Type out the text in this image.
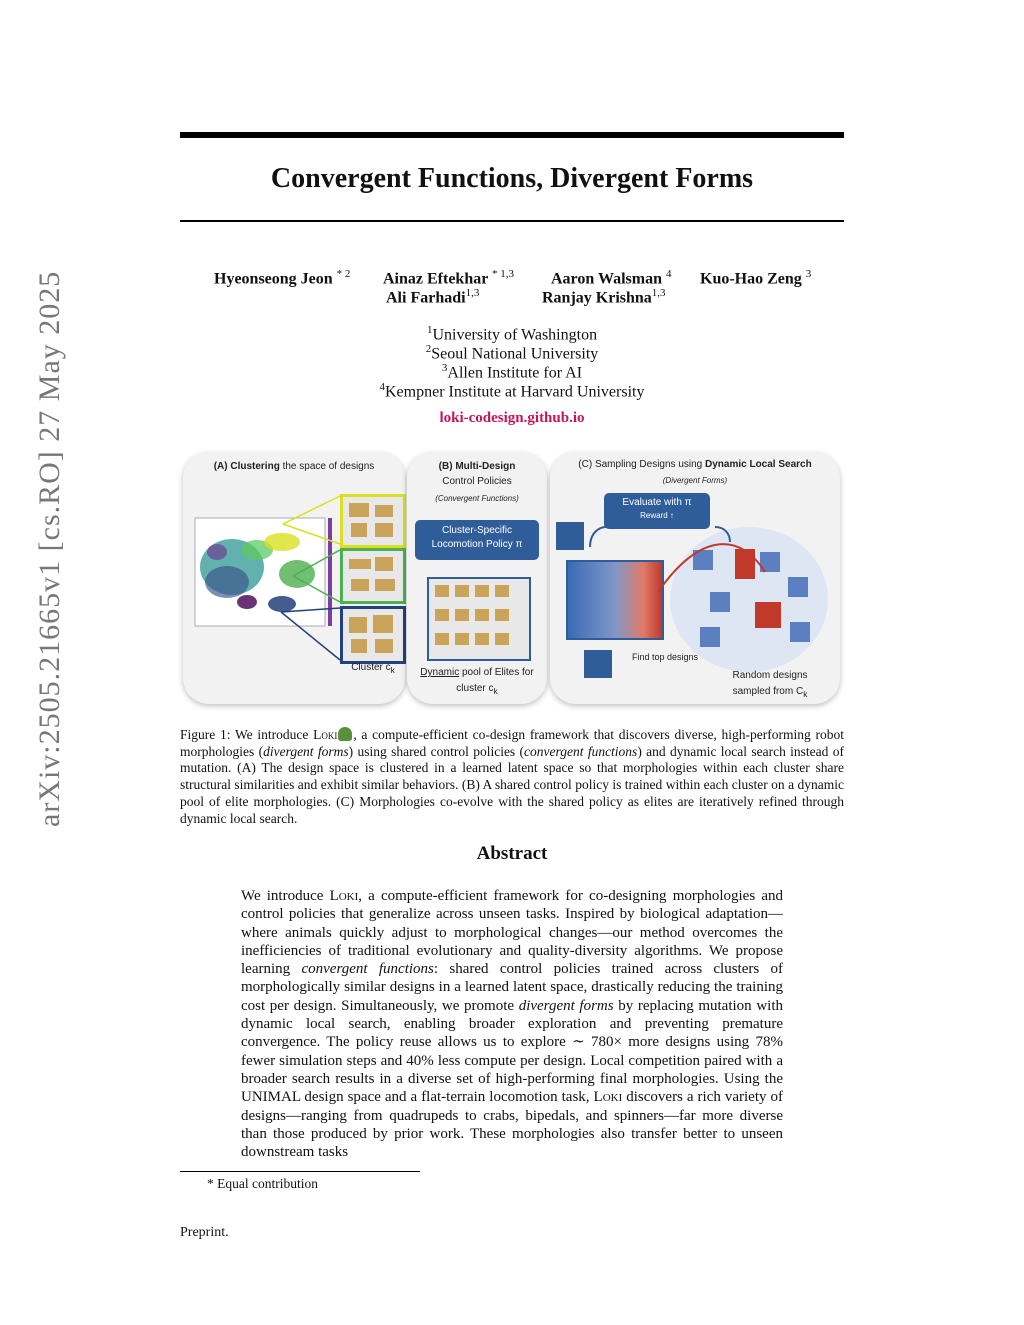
arXiv:2505.21665v1 [cs.RO] 27 May 2025
Convergent Functions, Divergent Forms
Hyeonseong Jeon $^{* 2}$ Ainaz Eftekhar $^{* 1,3}$ Aaron Walsman $^4$ Kuo-Hao Zeng $^3$
Ali Farhadi$^{1,3}$	Ranjay Krishna$^{1,3}$
$^1$University of Washington
$^2$Seoul National University
$^3$Allen Institute for AI
$^4$Kempner Institute at Harvard University
loki-codesign.github.io
(A) Clustering the space of designs
Cluster $c_k$
(B) Multi-Design
Control Policies
(Convergent Functions)
Cluster-Specific
Locomotion Policy π
Dynamic pool of Elites for
cluster $c_k$
(C) Sampling Designs using Dynamic Local Search
(Divergent Forms)
Evaluate with π
Reward ↑
Find top designs
Random designs
sampled from $C_k$
Figure 1: We introduce Loki , a compute-efficient co-design framework that discovers diverse, high-performing robot morphologies (divergent forms) using shared control policies (convergent functions) and dynamic local search instead of mutation. (A) The design space is clustered in a learned latent space so that morphologies within each cluster share structural similarities and exhibit similar behaviors. (B) A shared control policy is trained within each cluster on a dynamic pool of elite morphologies. (C) Morphologies co-evolve with the shared policy as elites are iteratively refined through dynamic local search.
Abstract
We introduce Loki, a compute-efficient framework for co-designing morphologies and control policies that generalize across unseen tasks. Inspired by biological adaptation—where animals quickly adjust to morphological changes—our method overcomes the inefficiencies of traditional evolutionary and quality-diversity algorithms. We propose learning convergent functions: shared control policies trained across clusters of morphologically similar designs in a learned latent space, drastically reducing the training cost per design. Simultaneously, we promote divergent forms by replacing mutation with dynamic local search, enabling broader exploration and preventing premature convergence. The policy reuse allows us to explore ∼ 780× more designs using 78% fewer simulation steps and 40% less compute per design. Local competition paired with a broader search results in a diverse set of high-performing final morphologies. Using the UNIMAL design space and a flat-terrain locomotion task, Loki discovers a rich variety of designs—ranging from quadrupeds to crabs, bipedals, and spinners—far more diverse than those produced by prior work. These morphologies also transfer better to unseen downstream tasks
* Equal contribution
Preprint.
